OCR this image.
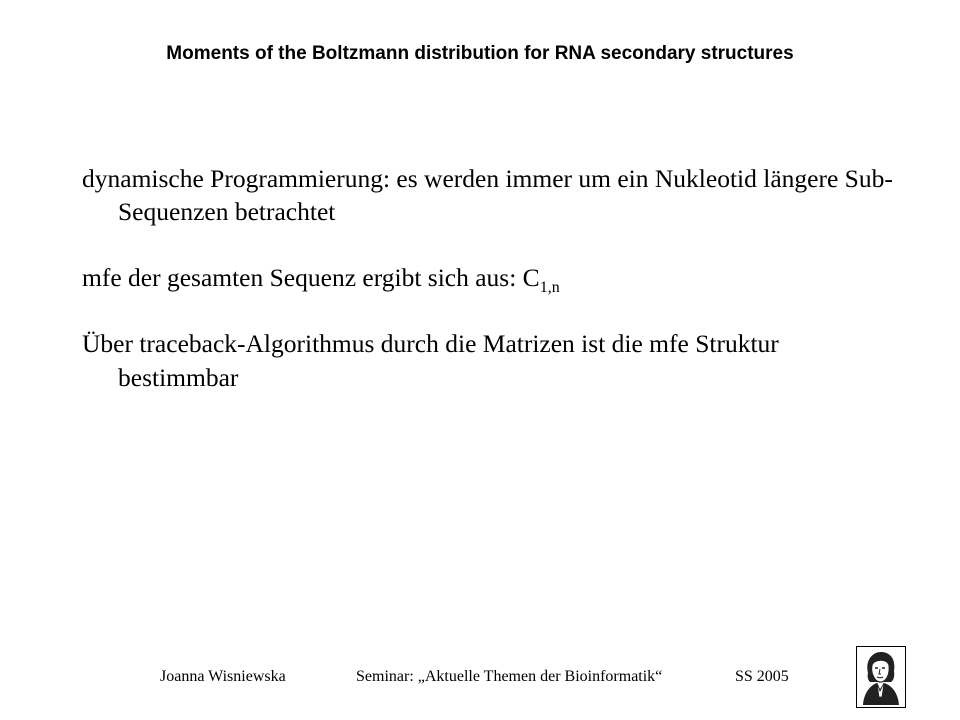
Moments of the Boltzmann distribution for RNA secondary structures

dynamische Programmierung: es werden immer um ein Nukleotid längere Sub-Sequenzen betrachtet

mfe der gesamten Sequenz ergibt sich aus: $C_{1,n}$

Über traceback-Algorithmus durch die Matrizen ist die mfe Struktur bestimmbar

Joanna Wisniewska	Seminar: „Aktuelle Themen der Bioinformatik“	SS 2005
